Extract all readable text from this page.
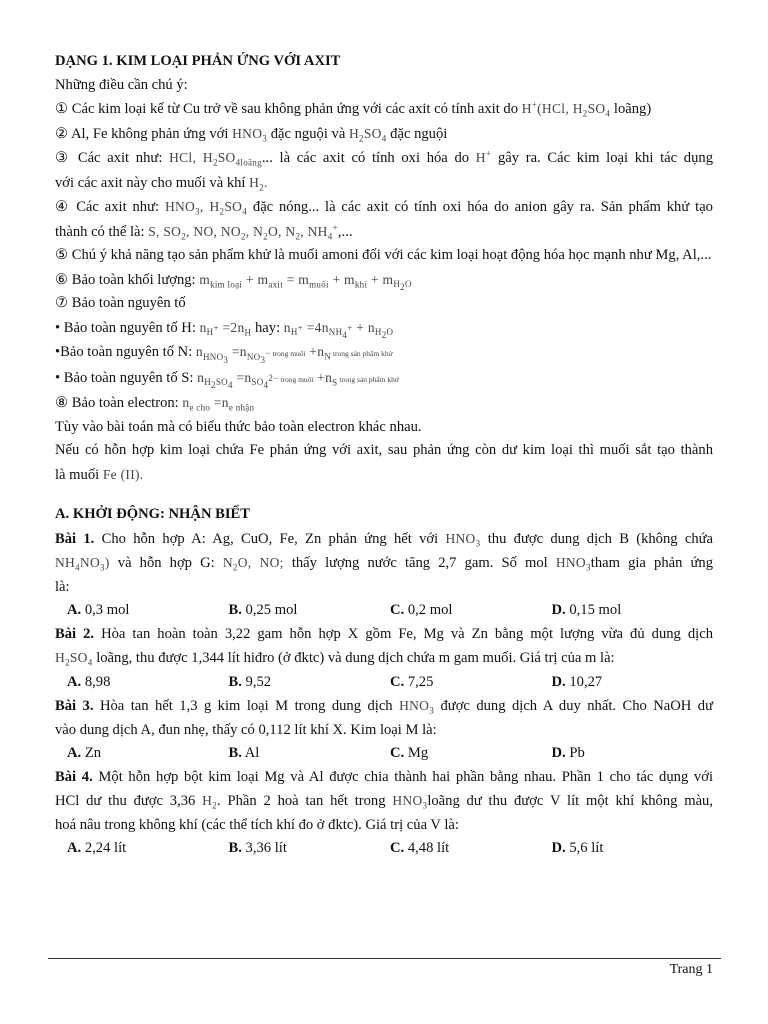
DẠNG 1. KIM LOẠI PHẢN ỨNG VỚI AXIT
Những điều cần chú ý:
① Các kim loại kể từ Cu trở về sau không phản ứng với các axit có tính axit do H+(HCl, $H_2SO_4$ loãng)
② Al, Fe không phản ứng với $HNO_3$ đặc nguội và $H_2SO_4$ đặc nguội
③ Các axit như: HCl, $H_2SO_{4loãng}$... là các axit có tính oxi hóa do H+ gây ra. Các kim loại khi tác dụng
với các axit này cho muối và khí $H_2$.
④ Các axit như: $HNO_3$, $H_2SO_4$ đặc nóng... là các axit có tính oxi hóa do anion gây ra. Sản phẩm khử tạo
thành có thể là: S, $SO_2$, NO, $NO_2$, $N_2O$, $N_2$, $NH_4^+$,...
⑤ Chú ý khả năng tạo sản phẩm khử là muối amoni đối với các kim loại hoạt động hóa học mạnh như Mg, Al,...
⑥ Bảo toàn khối lượng: $m_{kim loại} + m_{axit} = m_{muối} + m_{khí} + m_{H_2O}$
⑦ Bảo toàn nguyên tố
• Bảo toàn nguyên tố H: $n_{H^+} =2n_H$ hay: $n_{H^+} =4n_{NH_4^+} + n_{H_2O}$
•Bảo toàn nguyên tố N: $n_{HNO_3} =n_{NO_3^-}$ trong muối $+n_N$ trong sản phẩm khử
• Bảo toàn nguyên tố S: $n_{H_2SO_4} =n_{SO_4^{2-}}$ trong muối $+n_S$ trong sản phẩm khử
⑧ Bảo toàn electron: $n_{e cho} =n_{e nhận}$
Tùy vào bài toán mà có biểu thức bảo toàn electron khác nhau.
Nếu có hỗn hợp kim loại chứa Fe phản ứng với axit, sau phản ứng còn dư kim loại thì muối sắt tạo thành
là muối Fe (II).
A. KHỞI ĐỘNG: NHẬN BIẾT
Bài 1. Cho hỗn hợp A: Ag, CuO, Fe, Zn phản ứng hết với $HNO_3$ thu được dung dịch B (không chứa
$NH_4NO_3$) và hỗn hợp G: $N_2O$, NO; thấy lượng nước tăng 2,7 gam. Số mol $HNO_3tham$ gia phản ứng
là:
A. 0,3 mol	B. 0,25 mol	C. 0,2 mol	D. 0,15 mol
Bài 2. Hòa tan hoàn toàn 3,22 gam hỗn hợp X gồm Fe, Mg và Zn bằng một lượng vừa đủ dung dịch
$H_2SO_4$ loãng, thu được 1,344 lít hiđro (ở đktc) và dung dịch chứa m gam muối. Giá trị của m là:
A. 8,98	B. 9,52	C. 7,25	D. 10,27
Bài 3. Hòa tan hết 1,3 g kim loại M trong dung dịch $HNO_3$ được dung dịch A duy nhất. Cho NaOH dư
vào dung dịch A, đun nhẹ, thấy có 0,112 lít khí X. Kim loại M là:
A. Zn	B. Al	C. Mg	D. Pb
Bài 4. Một hỗn hợp bột kim loại Mg và Al được chia thành hai phần bằng nhau. Phần 1 cho tác dụng với
HCl dư thu được 3,36 $H_2$. Phần 2 hoà tan hết trong $HNO_3loãng$ dư thu được V lít một khí không màu,
hoá nâu trong không khí (các thể tích khí đo ở đktc). Giá trị của V là:
A. 2,24 lít	B. 3,36 lít	C. 4,48 lít	D. 5,6 lít
Trang 1
